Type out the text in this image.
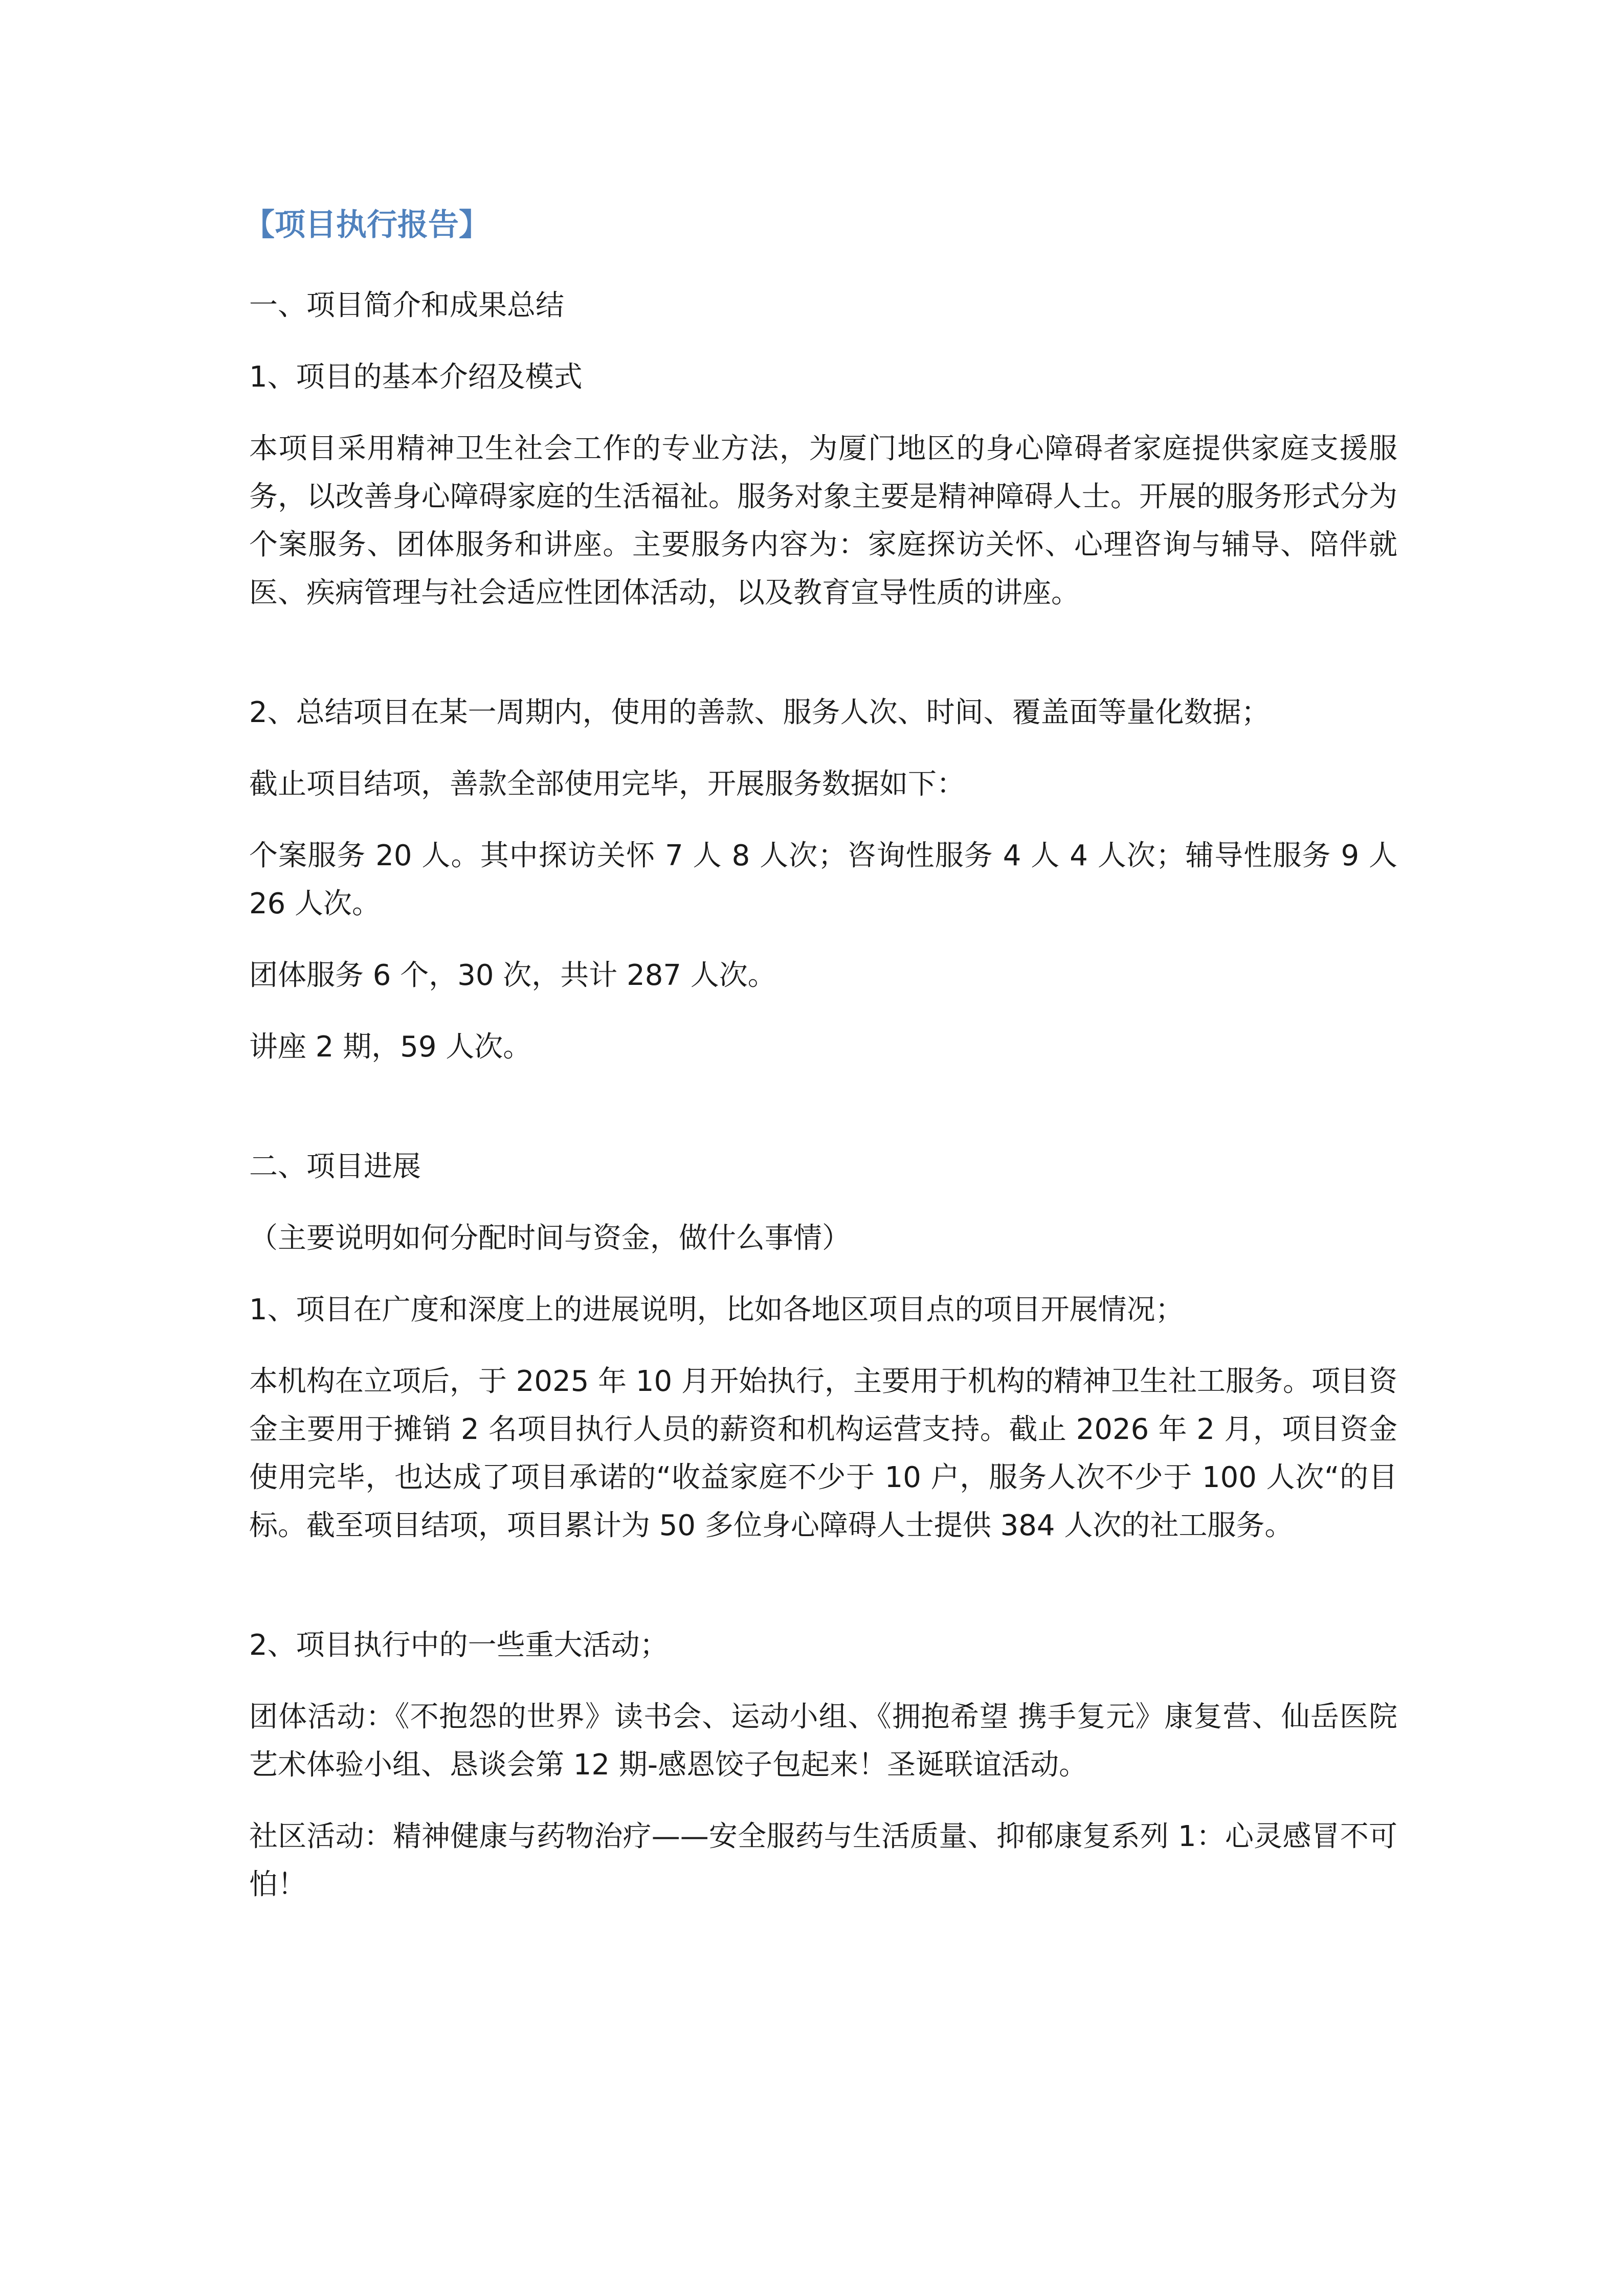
【项目执行报告】

一、项目简介和成果总结

1、项目的基本介绍及模式

本项目采用精神卫生社会工作的专业方法，为厦门地区的身心障碍者家庭提供家庭支援服务，以改善身心障碍家庭的生活福祉。服务对象主要是精神障碍人士。开展的服务形式分为个案服务、团体服务和讲座。主要服务内容为：家庭探访关怀、心理咨询与辅导、陪伴就医、疾病管理与社会适应性团体活动，以及教育宣导性质的讲座。

2、总结项目在某一周期内，使用的善款、服务人次、时间、覆盖面等量化数据；

截止项目结项，善款全部使用完毕，开展服务数据如下：

个案服务 20 人。其中探访关怀 7 人 8 人次；咨询性服务 4 人 4 人次；辅导性服务 9 人 26 人次。

团体服务 6 个，30 次，共计 287 人次。

讲座 2 期，59 人次。

二、项目进展

（主要说明如何分配时间与资金，做什么事情）

1、项目在广度和深度上的进展说明，比如各地区项目点的项目开展情况；

本机构在立项后，于 2025 年 10 月开始执行，主要用于机构的精神卫生社工服务。项目资金主要用于摊销 2 名项目执行人员的薪资和机构运营支持。截止 2026 年 2 月，项目资金使用完毕，也达成了项目承诺的“收益家庭不少于 10 户，服务人次不少于 100 人次“的目标。截至项目结项，项目累计为 50 多位身心障碍人士提供 384 人次的社工服务。

2、项目执行中的一些重大活动；

团体活动：《不抱怨的世界》读书会、运动小组、《拥抱希望 携手复元》康复营、仙岳医院艺术体验小组、恳谈会第 12 期-感恩饺子包起来！圣诞联谊活动。

社区活动：精神健康与药物治疗——安全服药与生活质量、抑郁康复系列 1：心灵感冒不可怕！
